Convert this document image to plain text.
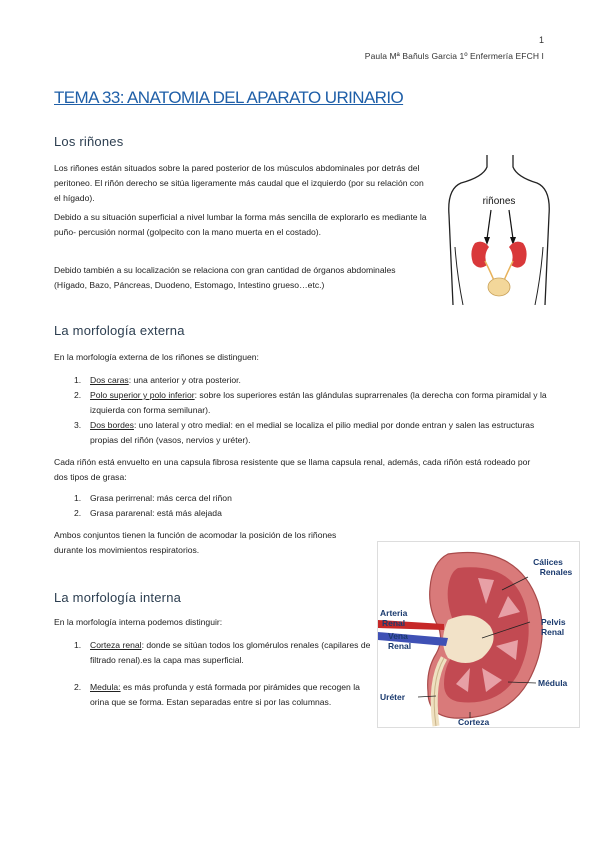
1
Paula Mª Bañuls Garcia 1º Enfermería EFCH I
TEMA 33: ANATOMIA DEL APARATO URINARIO
Los riñones

Los riñones están situados sobre la pared posterior de los músculos abdominales por detrás del peritoneo. El riñón derecho se sitúa ligeramente más caudal que el izquierdo (por su relación con el hígado).

Debido a su situación superficial a nivel lumbar la forma más sencilla de explorarlo es mediante la puño- percusión normal (golpecito con la mano muerta en el costado).

Debido también a su localización se relaciona con gran cantidad de órganos abdominales (Hígado, Bazo, Páncreas, Duodeno, Estomago, Intestino grueso…etc.)

riñones
La morfología externa

En la morfología externa de los riñones se distinguen:

1. Dos caras: una anterior y otra posterior.
2. Polo superior y polo inferior: sobre los superiores están las glándulas suprarrenales (la derecha con forma piramidal y la izquierda con forma semilunar).
3. Dos bordes: uno lateral y otro medial: en el medial se localiza el pilio medial por donde entran y salen las estructuras propias del riñón (vasos, nervios y uréter).

Cada riñón está envuelto en una capsula fibrosa resistente que se llama capsula renal, además, cada riñón está rodeado por dos tipos de grasa:

1. Grasa perirrenal: más cerca del riñon
2. Grasa pararenal: está más alejada

Ambos conjuntos tienen la función de acomodar la posición de los riñones durante los movimientos respiratorios.

La morfología interna

En la morfología interna podemos distinguir:

1. Corteza renal: donde se sitúan todos los glomérulos renales (capilares de filtrado renal).es la capa mas superficial.
2. Medula: es más profunda y está formada por pirámides que recogen la orina que se forma. Estan separadas entre si por las columnas.
Cálices Renales
Arteria Renal
Vena Renal
Pelvis Renal
Médula
Uréter
Corteza
